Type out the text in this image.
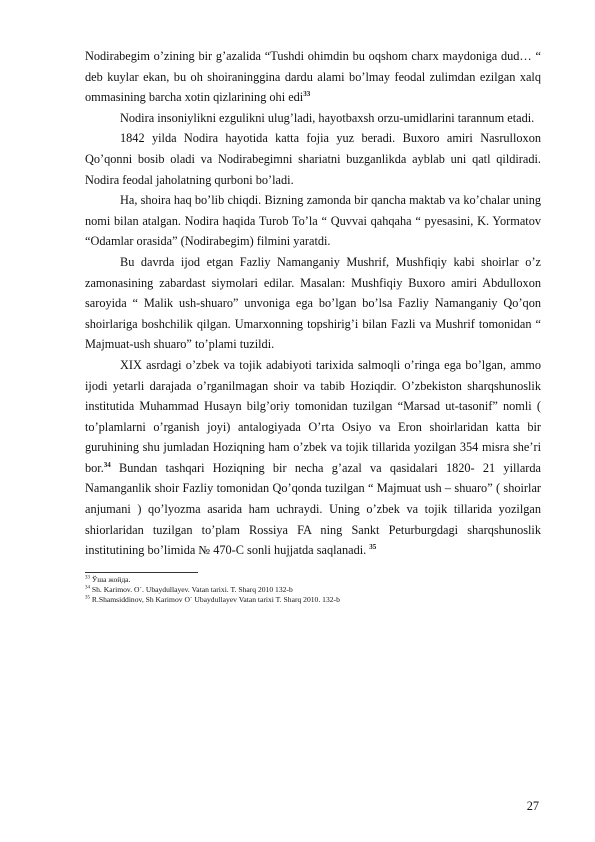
Nodirabegim o’zining bir g’azalida “Tushdi ohimdin bu oqshom charx maydoniga dud… “ deb kuylar ekan, bu oh shoiraninggina dardu alami bo’lmay feodal zulimdan ezilgan xalq ommasining barcha xotin qizlarining ohi edi$^{33}$

Nodira insoniylikni ezgulikni ulug’ladi, hayotbaxsh orzu-umidlarini tarannum etadi.

1842 yilda Nodira hayotida katta fojia yuz beradi. Buxoro amiri Nasrulloxon Qo’qonni bosib oladi va Nodirabegimni shariatni buzganlikda ayblab uni qatl qildiradi. Nodira feodal jaholatning qurboni bo’ladi.

Ha, shoira haq bo’lib chiqdi. Bizning zamonda bir qancha maktab va ko’chalar uning nomi bilan atalgan. Nodira haqida Turob To’la “ Quvvai qahqaha “ pyesasini, K. Yormatov “Odamlar orasida” (Nodirabegim) filmini yaratdi.

Bu davrda ijod etgan Fazliy Namanganiy Mushrif, Mushfiqiy kabi shoirlar o’z zamonasining zabardast siymolari edilar. Masalan: Mushfiqiy Buxoro amiri Abdulloxon saroyida “ Malik ush-shuaro” unvoniga ega bo’lgan bo’lsa Fazliy Namanganiy Qo’qon shoirlariga boshchilik qilgan. Umarxonning topshirig’i bilan Fazli va Mushrif tomonidan “ Majmuat-ush shuaro” to’plami tuzildi.

XIX asrdagi o’zbek va tojik adabiyoti tarixida salmoqli o’ringa ega bo’lgan, ammo ijodi yetarli darajada o’rganilmagan shoir va tabib Hoziqdir. O’zbekiston sharqshunoslik institutida Muhammad Husayn bilg’oriy tomonidan tuzilgan “Marsad ut-tasonif” nomli ( to’plamlarni o’rganish joyi) antalogiyada O’rta Osiyo va Eron shoirlaridan katta bir guruhining shu jumladan Hoziqning ham o’zbek va tojik tillarida yozilgan 354 misra she’ri bor.$^{34}$ Bundan tashqari Hoziqning bir necha g’azal va qasidalari 1820- 21 yillarda Namanganlik shoir Fazliy tomonidan Qo’qonda tuzilgan “ Majmuat ush – shuaro” ( shoirlar anjumani ) qo’lyozma asarida ham uchraydi. Uning o’zbek va tojik tillarida yozilgan shiorlaridan tuzilgan to’plam Rossiya FA ning Sankt Peturburgdagi sharqshunoslik institutining bo’limida № 470-C sonli hujjatda saqlanadi. $^{35}$

$^{33}$ Ўша жойда.

$^{34}$ Sh. Karimov. O`. Ubaydullayev. Vatan tarixi. T. Sharq 2010 132-b

$^{35}$ R.Shamsiddinov, Sh Karimov O` Ubaydullayev Vatan tarixi T. Sharq 2010. 132-b

27
